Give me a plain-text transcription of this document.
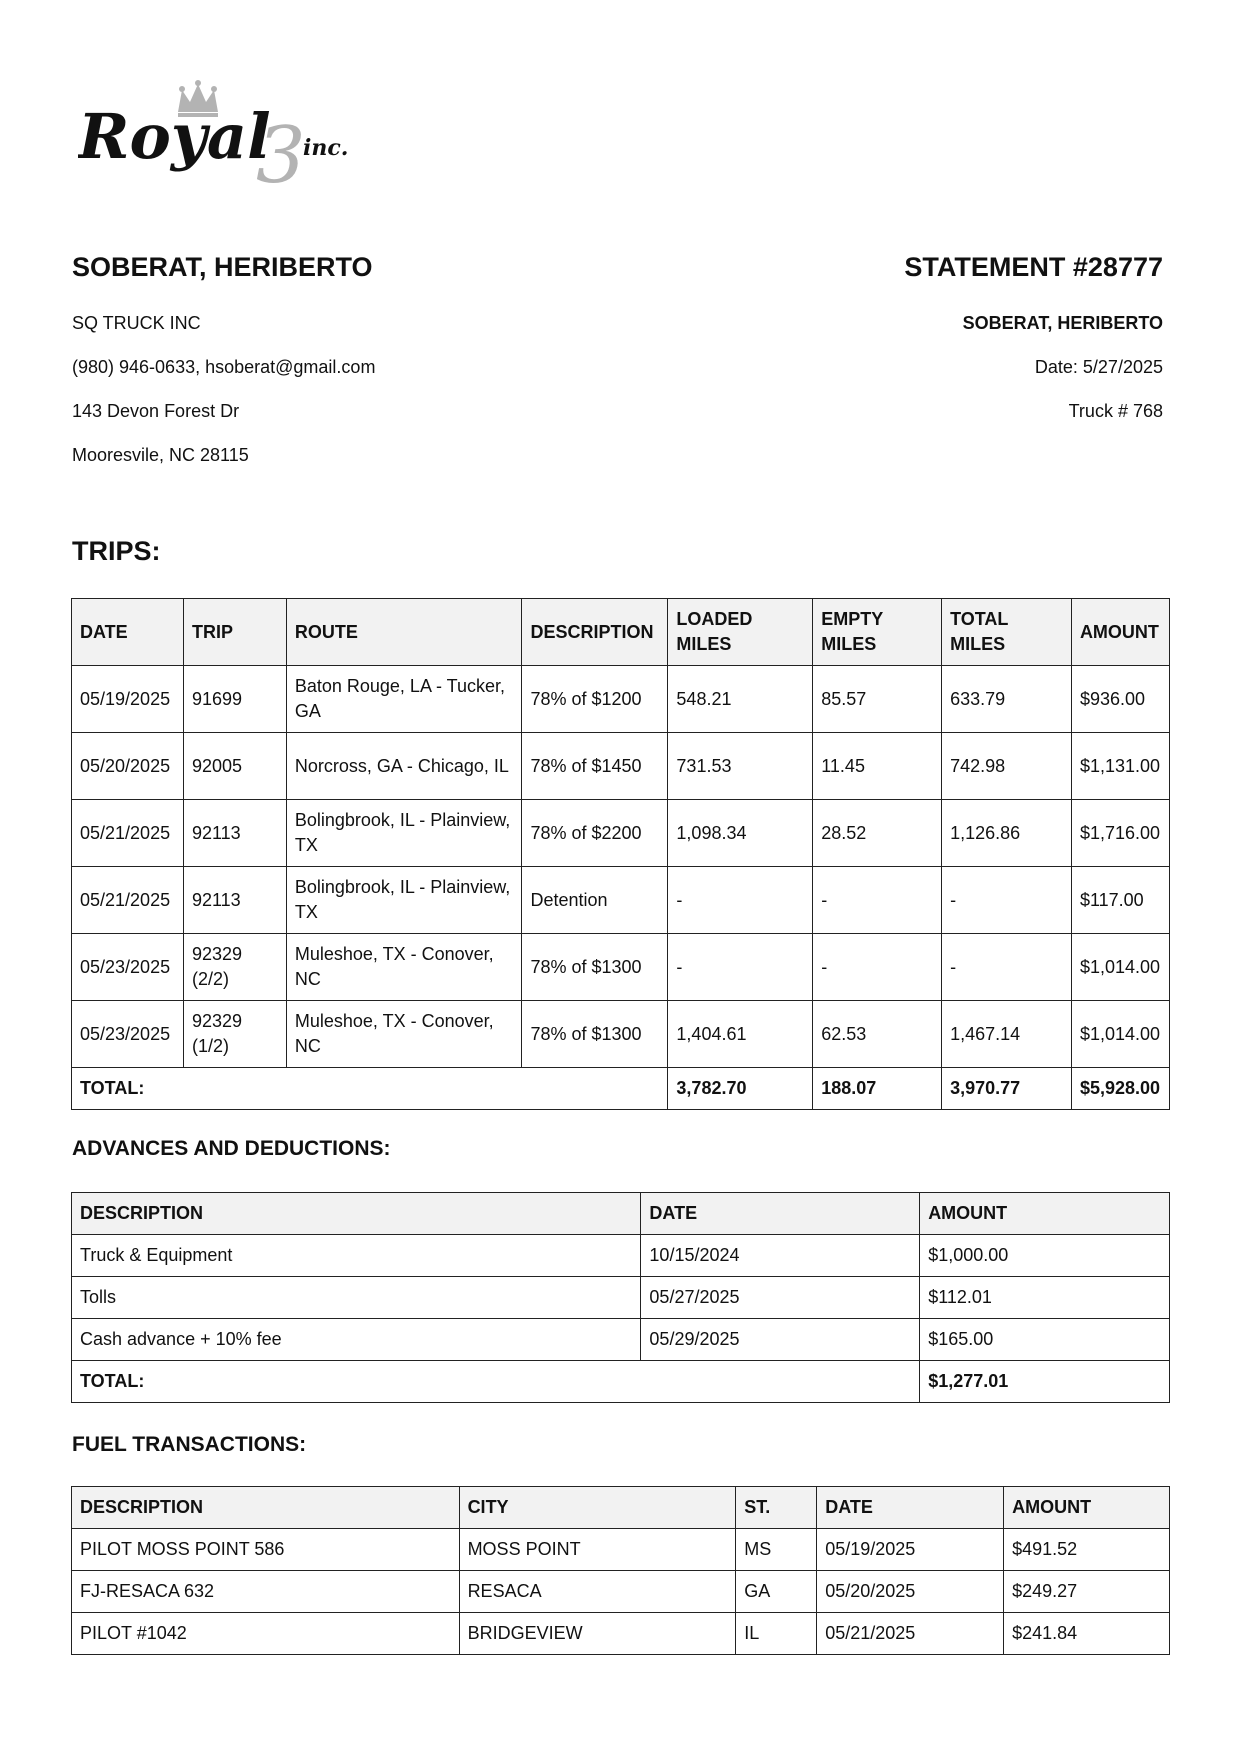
3
Royal inc.
SOBERAT, HERIBERTO
SQ TRUCK INC
(980) 946-0633, hsoberat@gmail.com
143 Devon Forest Dr
Mooresvile, NC 28115
STATEMENT #28777
SOBERAT, HERIBERTO
Date: 5/27/2025
Truck # 768
TRIPS:
DATE	TRIP	ROUTE	DESCRIPTION	LOADED MILES	EMPTY MILES	TOTAL MILES	AMOUNT
05/19/2025	91699	Baton Rouge, LA - Tucker, GA	78% of $1200	548.21	85.57	633.79	$936.00
05/20/2025	92005	Norcross, GA - Chicago, IL	78% of $1450	731.53	11.45	742.98	$1,131.00
05/21/2025	92113	Bolingbrook, IL - Plainview, TX	78% of $2200	1,098.34	28.52	1,126.86	$1,716.00
05/21/2025	92113	Bolingbrook, IL - Plainview, TX	Detention	-	-	-	$117.00
05/23/2025	92329 (2/2)	Muleshoe, TX - Conover, NC	78% of $1300	-	-	-	$1,014.00
05/23/2025	92329 (1/2)	Muleshoe, TX - Conover, NC	78% of $1300	1,404.61	62.53	1,467.14	$1,014.00
TOTAL:				3,782.70	188.07	3,970.77	$5,928.00
ADVANCES AND DEDUCTIONS:
DESCRIPTION	DATE	AMOUNT
Truck & Equipment	10/15/2024	$1,000.00
Tolls	05/27/2025	$112.01
Cash advance + 10% fee	05/29/2025	$165.00
TOTAL:		$1,277.01
FUEL TRANSACTIONS:
DESCRIPTION	CITY	ST.	DATE	AMOUNT
PILOT MOSS POINT 586	MOSS POINT	MS	05/19/2025	$491.52
FJ-RESACA 632	RESACA	GA	05/20/2025	$249.27
PILOT #1042	BRIDGEVIEW	IL	05/21/2025	$241.84
